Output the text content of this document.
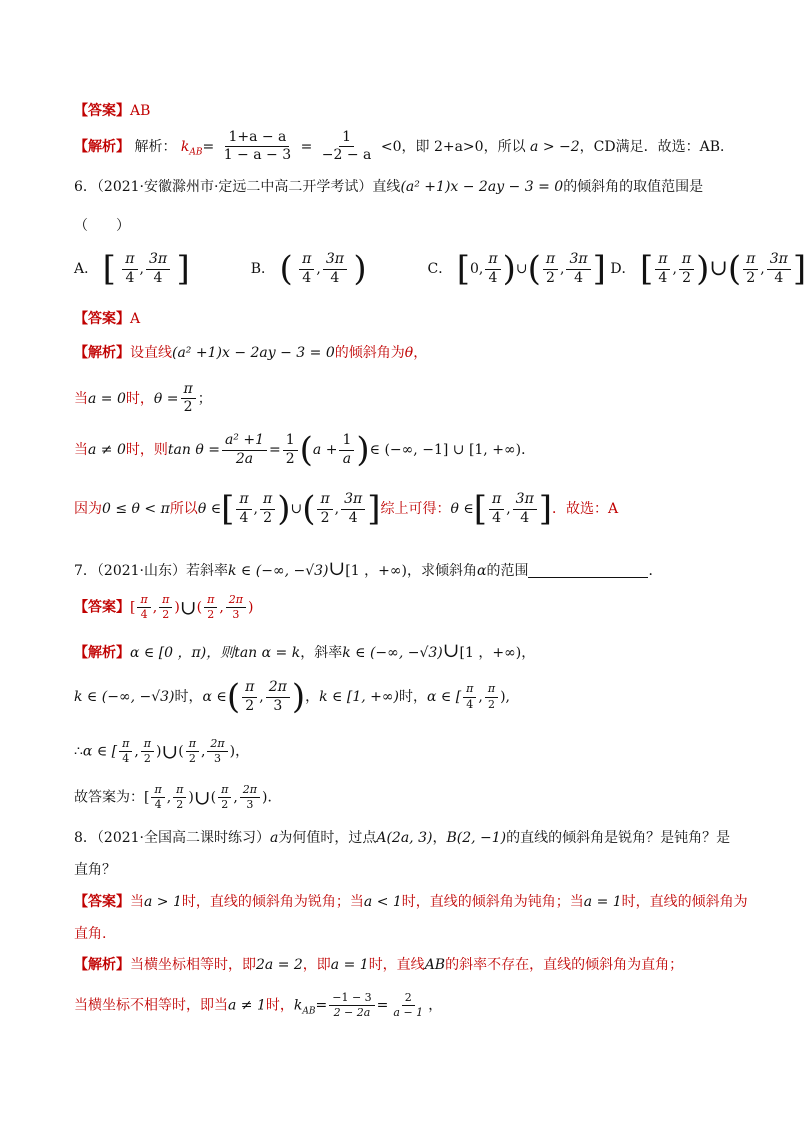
【答案】AB
【解析】 解析： $k_{AB}= \frac{1+a - a}{1 - a - 3} = \frac{1}{-2 - a} <0$，即 2+a>0，所以 a > −2，CD满足．故选：AB．
6．（2021·安徽滁州市·定远二中高二开学考试）直线(a² +1)x − 2ay − 3 = 0的倾斜角的取值范围是
（　　）
A． [ $\frac{\pi}{4}$ , $\frac{3\pi}{4}$ ]	B． ( $\frac{\pi}{4}$ , $\frac{3\pi}{4}$ )	C． [0, $\frac{\pi}{4}$ )∪( $\frac{\pi}{2}$ , $\frac{3\pi}{4}$ ] D． [ $\frac{\pi}{4}$ , $\frac{\pi}{2}$ )∪( $\frac{\pi}{2}$ , $\frac{3\pi}{4}$ ]
【答案】A
【解析】设直线(a² +1)x − 2ay − 3 = 0的倾斜角为θ，
当a = 0时，$\theta = \frac{\pi}{2}$ ；
当a ≠ 0时，则$\tan \theta = \frac{\text{a² +1}}{2a} = \frac{1}{2} (a + \frac{1}{a}$ )∈ (−∞, −1] ∪ [1, +∞)．
因为0 ≤ θ < π所以θ ∈[ $\frac{\pi}{4}$ , $\frac{\pi}{2}$ )∪( $\frac{\pi}{2}$ , $\frac{3\pi}{4}$ ]综上可得：θ ∈[ $\frac{\pi}{4}$ , $\frac{3\pi}{4}$ ]．故选：A
7．（2021·山东）若斜率k ∈ (−∞, −√3)∪[1 ，+∞)，求倾斜角α的范围	．
【答案】[ $\frac{\pi}{4}$ , $\frac{\pi}{2}$ )∪( $\frac{\pi}{2}$ , $\frac{2\pi}{3}$ )
【解析】α ∈ [0 ，π)，则tan α = k，斜率k ∈ (−∞, −√3)∪[1 ，+∞)，
k ∈ (−∞, −√3)时，α ∈( $\frac{\pi}{2}$ , $\frac{2\pi}{3}$ )，k ∈ [1, +∞)时，α ∈ [ $\frac{\pi}{4}$ , $\frac{\pi}{2}$ ),
∴α ∈ [ $\frac{\pi}{4}$ , $\frac{\pi}{2}$ )∪( $\frac{\pi}{2}$ , $\frac{2\pi}{3}$ )，
故答案为：[ $\frac{\pi}{4}$ , $\frac{\pi}{2}$ )∪( $\frac{\pi}{2}$ , $\frac{2\pi}{3}$ )．
8．（2021·全国高二课时练习）a为何值时，过点A(2a, 3)，B(2, −1)的直线的倾斜角是锐角？是钝角？是
直角？
【答案】当a > 1时，直线的倾斜角为锐角；当a < 1时，直线的倾斜角为钝角；当a = 1时，直线的倾斜角为
直角.
【解析】当横坐标相等时，即2a = 2，即a = 1时，直线AB的斜率不存在，直线的倾斜角为直角；
当横坐标不相等时，即当a ≠ 1时，$k_{AB}= \frac{-1 - 3}{2 - 2a} = \frac{2}{a - 1}$ ，
